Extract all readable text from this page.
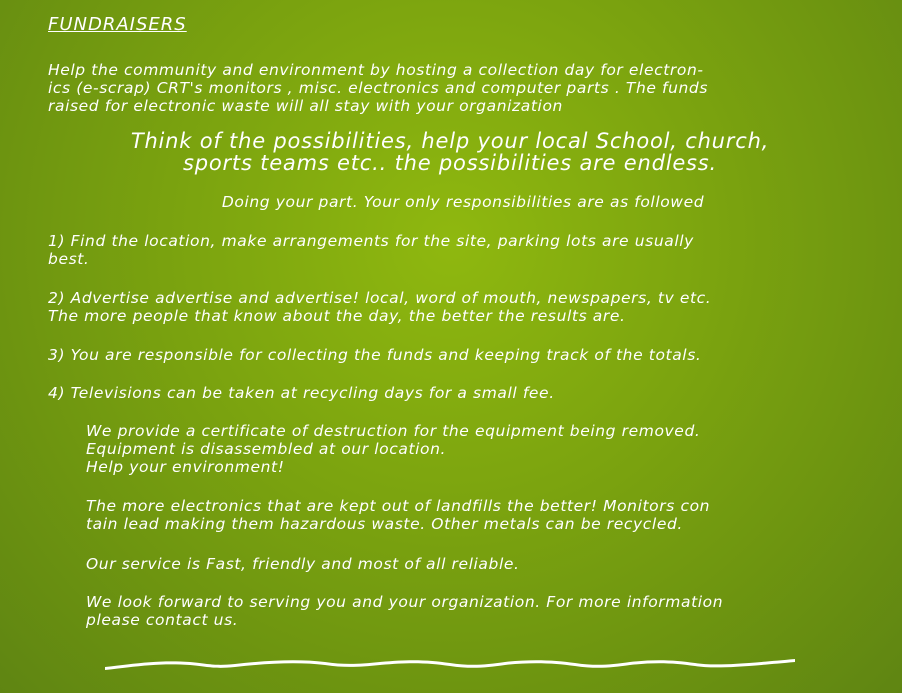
FUNDRAISERS
Help the community and environment by hosting a collection day for electron-
ics (e-scrap) CRT's monitors , misc. electronics and computer parts . The funds
raised for electronic waste will all stay with your organization
Think of the possibilities, help your local School, church,
sports teams etc.. the possibilities are endless.
Doing your part. Your only responsibilities are as followed
1) Find the location, make arrangements for the site, parking lots are usually
best.
2) Advertise advertise and advertise! local, word of mouth, newspapers, tv etc.
The more people that know about the day, the better the results are.
3) You are responsible for collecting the funds and keeping track of the totals.
4) Televisions can be taken at recycling days for a small fee.
We provide a certificate of destruction for the equipment being removed.
Equipment is disassembled at our location.
Help your environment!
The more electronics that are kept out of landfills the better! Monitors con
tain lead making them hazardous waste. Other metals can be recycled.
Our service is Fast, friendly and most of all reliable.
We look forward to serving you and your organization. For more information
please contact us.
